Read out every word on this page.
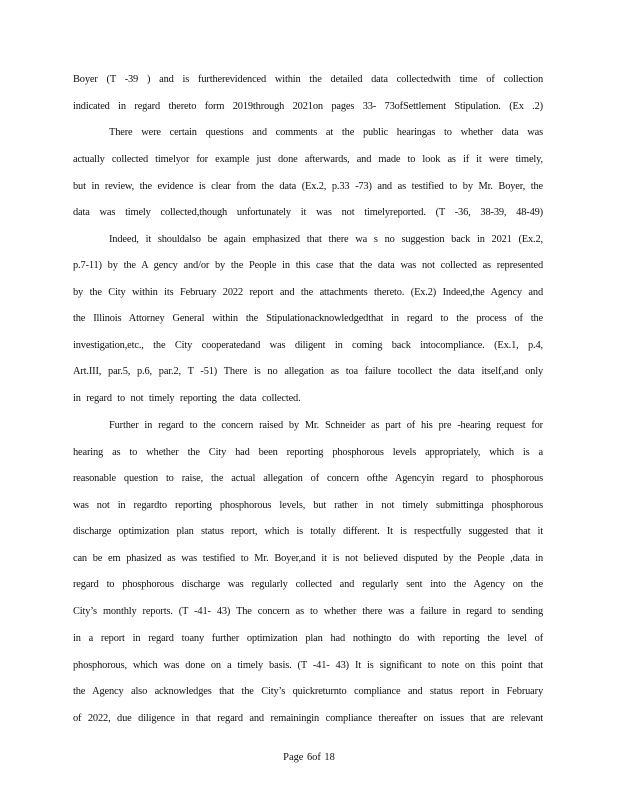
Boyer (T -39 ) and is furtherevidenced within the detailed data collectedwith time of collection
indicated in regard thereto form 2019through 2021on pages 33- 73ofSettlement Stipulation. (Ex .2)
There were certain questions and comments at the public hearingas to whether data was
actually collected timelyor for example just done afterwards, and made to look as if it were timely,
but in review, the evidence is clear from the data (Ex.2, p.33 -73) and as testified to by Mr. Boyer, the
data was timely collected,though unfortunately it was not timelyreported. (T -36, 38-39, 48-49)
Indeed, it shouldalso be again emphasized that there wa s no suggestion back in 2021 (Ex.2,
p.7-11) by the A gency and/or by the People in this case that the data was not collected as represented
by the City within its February 2022 report and the attachments thereto. (Ex.2) Indeed,the Agency and
the Illinois Attorney General within the Stipulationacknowledgedthat in regard to the process of the
investigation,etc., the City cooperatedand was diligent in coming back intocompliance. (Ex.1, p.4,
Art.III, par.5, p.6, par.2, T -51) There is no allegation as toa failure tocollect the data itself,and only
in regard to not timely reporting the data collected.
Further in regard to the concern raised by Mr. Schneider as part of his pre -hearing request for
hearing as to whether the City had been reporting phosphorous levels appropriately, which is a
reasonable question to raise, the actual allegation of concern ofthe Agencyin regard to phosphorous
was not in regardto reporting phosphorous levels, but rather in not timely submittinga phosphorous
discharge optimization plan status report, which is totally different. It is respectfully suggested that it
can be em phasized as was testified to Mr. Boyer,and it is not believed disputed by the People ,data in
regard to phosphorous discharge was regularly collected and regularly sent into the Agency on the
City’s monthly reports. (T -41- 43) The concern as to whether there was a failure in regard to sending
in a report in regard toany further optimization plan had nothingto do with reporting the level of
phosphorous, which was done on a timely basis. (T -41- 43) It is significant to note on this point that
the Agency also acknowledges that the City’s quickreturnto compliance and status report in February
of 2022, due diligence in that regard and remainingin compliance thereafter on issues that are relevant
Page 6of 18
